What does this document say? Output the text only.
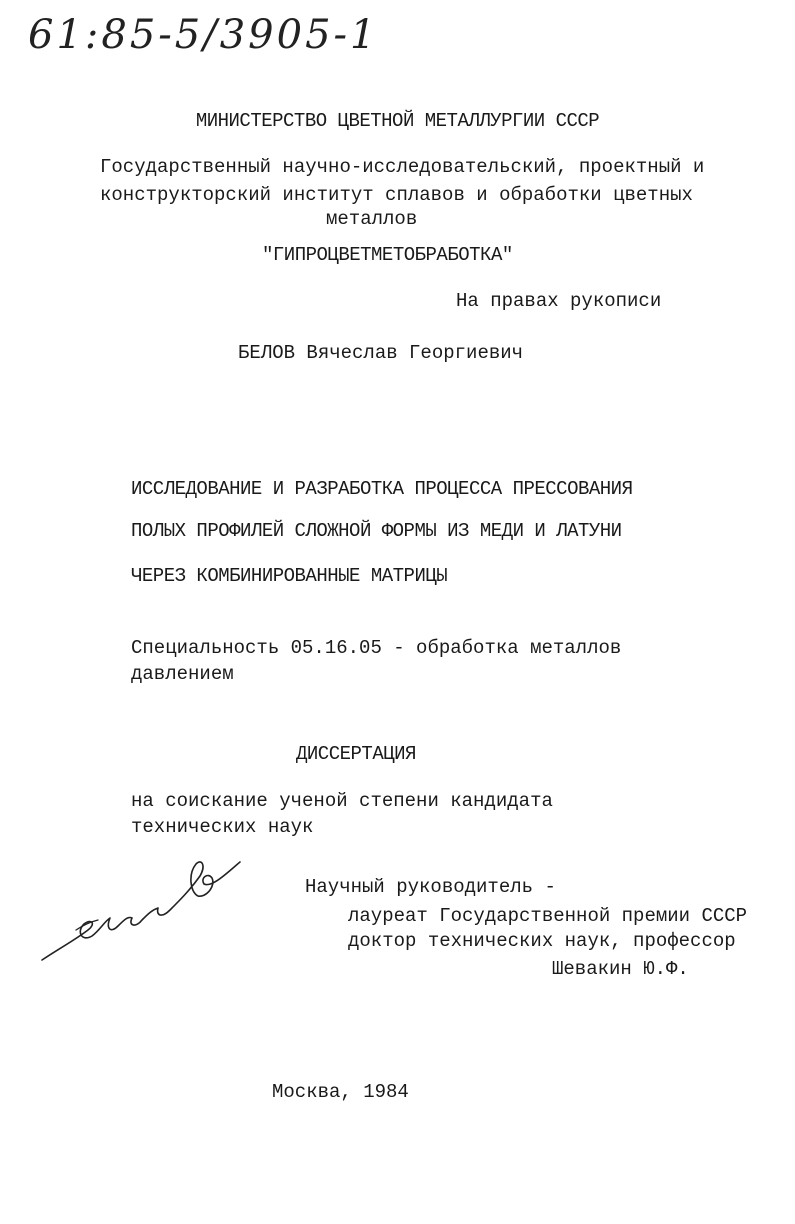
61:85-5/3905-1
МИНИСТЕРСТВО ЦВЕТНОЙ МЕТАЛЛУРГИИ СССР
Государственный научно-исследовательский, проектный и
конструкторский институт сплавов и обработки цветных
металлов
"ГИПРОЦВЕТМЕТОБРАБОТКА"
На правах рукописи
БЕЛОВ Вячеслав Георгиевич
ИССЛЕДОВАНИЕ И РАЗРАБОТКА ПРОЦЕССА ПРЕССОВАНИЯ
ПОЛЫХ ПРОФИЛЕЙ СЛОЖНОЙ ФОРМЫ ИЗ МЕДИ И ЛАТУНИ
ЧЕРЕЗ КОМБИНИРОВАННЫЕ МАТРИЦЫ
Специальность 05.16.05 - обработка металлов
давлением
ДИССЕРТАЦИЯ
на соискание ученой степени кандидата
технических наук
Научный руководитель -
лауреат Государственной премии СССР
доктор технических наук, профессор
Шевакин Ю.Ф.
Москва, 1984
